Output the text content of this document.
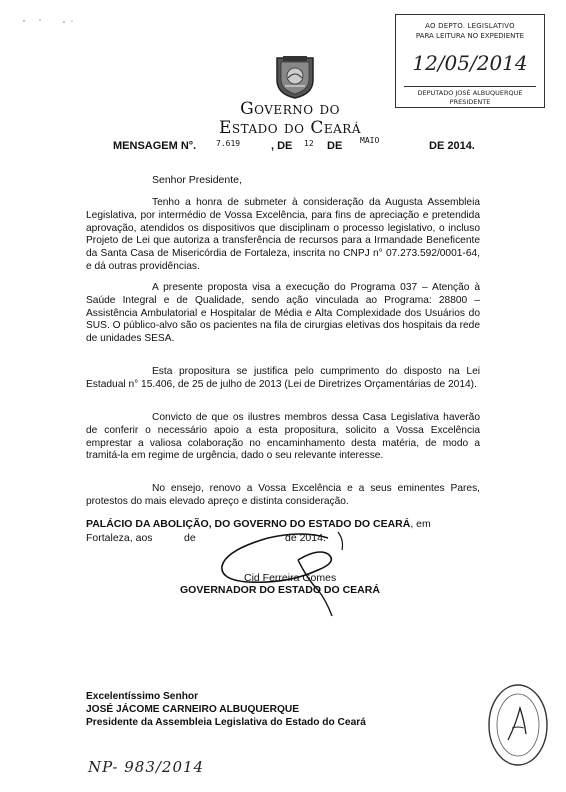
AO DEPTO. LEGISLATIVO
PARA LEITURA NO EXPEDIENTE
12/05/2014
DEPUTADO JOSÉ ALBUQUERQUE
PRESIDENTE
Governo do
Estado do Ceará
MENSAGEM N°. 7.619	, DE 12 DE MAIO	DE 2014.
Senhor Presidente,

Tenho a honra de submeter à consideração da Augusta Assembleia Legislativa, por intermédio de Vossa Excelência, para fins de apreciação e pretendida aprovação, atendidos os dispositivos que disciplinam o processo legislativo, o incluso Projeto de Lei que autoriza a transferência de recursos para a Irmandade Beneficente da Santa Casa de Misericórdia de Fortaleza, inscrita no CNPJ n° 07.273.592/0001-64, e dá outras providências.

A presente proposta visa a execução do Programa 037 – Atenção à Saúde Integral e de Qualidade, sendo ação vinculada ao Programa: 28800 – Assistência Ambulatorial e Hospitalar de Média e Alta Complexidade dos Usuários do SUS. O público-alvo são os pacientes na fila de cirurgias eletivas dos hospitais da rede de unidades SESA.

Esta propositura se justifica pelo cumprimento do disposto na Lei Estadual n° 15.406, de 25 de julho de 2013 (Lei de Diretrizes Orçamentárias de 2014).

Convicto de que os ilustres membros dessa Casa Legislativa haverão de conferir o necessário apoio a esta propositura, solicito a Vossa Excelência emprestar a valiosa colaboração no encaminhamento desta matéria, de modo a tramitá-la em regime de urgência, dado o seu relevante interesse.

No ensejo, renovo a Vossa Excelência e a seus eminentes Pares, protestos do mais elevado apreço e distinta consideração.

PALÁCIO DA ABOLIÇÃO, DO GOVERNO DO ESTADO DO CEARÁ, em
Fortaleza, aos	de	de 2014.
Cid Ferreira Gomes
GOVERNADOR DO ESTADO DO CEARÁ
Excelentíssimo Senhor
JOSÉ JÁCOME CARNEIRO ALBUQUERQUE
Presidente da Assembleia Legislativa do Estado do Ceará
NP- 983/2014
